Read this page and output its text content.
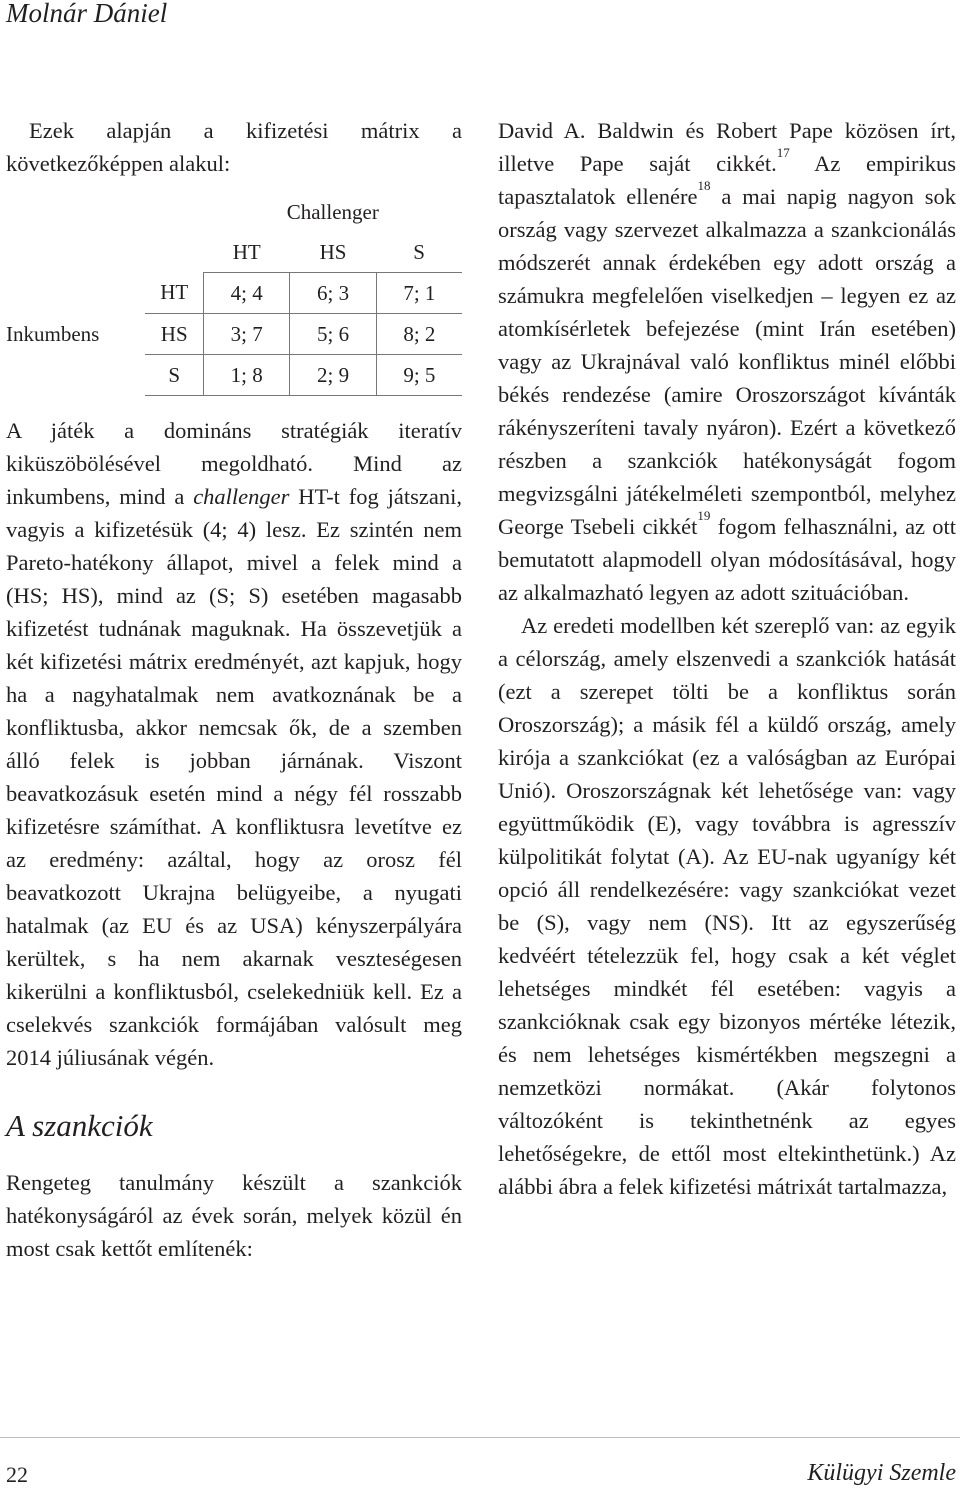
Molnár Dániel

Ezek alapján a kifizetési mátrix a következőképpen alakul:

		Challenger		
		HT	HS	S
	HT	4; 4	6; 3	7; 1
Inkumbens	HS	3; 7	5; 6	8; 2
	S	1; 8	2; 9	9; 5

A játék a domináns stratégiák iteratív kiküszöbölésével megoldható. Mind az inkumbens, mind a challenger HT-t fog játszani, vagyis a kifizetésük (4; 4) lesz. Ez szintén nem Pareto-hatékony állapot, mivel a felek mind a (HS; HS), mind az (S; S) esetében magasabb kifizetést tudnának maguknak. Ha összevetjük a két kifizetési mátrix eredményét, azt kapjuk, hogy ha a nagyhatalmak nem avatkoznának be a konfliktusba, akkor nemcsak ők, de a szemben álló felek is jobban járnának. Viszont beavatkozásuk esetén mind a négy fél rosszabb kifizetésre számíthat. A konfliktusra levetítve ez az eredmény: azáltal, hogy az orosz fél beavatkozott Ukrajna belügyeibe, a nyugati hatalmak (az EU és az USA) kényszerpályára kerültek, s ha nem akarnak veszteségesen kikerülni a konfliktusból, cselekedniük kell. Ez a cselekvés szankciók formájában valósult meg 2014 júliusának végén.

A szankciók

Rengeteg tanulmány készült a szankciók hatékonyságáról az évek során, melyek közül én most csak kettőt említenék:

David A. Baldwin és Robert Pape közösen írt, illetve Pape saját cikkét.$^{17}$ Az empirikus tapasztalatok ellenére$^{18}$ a mai napig nagyon sok ország vagy szervezet alkalmazza a szankcionálás módszerét annak érdekében egy adott ország a számukra megfelelően viselkedjen – legyen ez az atomkísérletek befejezése (mint Irán esetében) vagy az Ukrajnával való konfliktus minél előbbi békés rendezése (amire Oroszországot kívánták rákényszeríteni tavaly nyáron). Ezért a következő részben a szankciók hatékonyságát fogom megvizsgálni játékelméleti szempontból, melyhez George Tsebeli cikkét$^{19}$ fogom felhasználni, az ott bemutatott alapmodell olyan módosításával, hogy az alkalmazható legyen az adott szituációban.

Az eredeti modellben két szereplő van: az egyik a célország, amely elszenvedi a szankciók hatását (ezt a szerepet tölti be a konfliktus során Oroszország); a másik fél a küldő ország, amely kirója a szankciókat (ez a valóságban az Európai Unió). Oroszországnak két lehetősége van: vagy együttműködik (E), vagy továbbra is agresszív külpolitikát folytat (A). Az EU-nak ugyanígy két opció áll rendelkezésére: vagy szankciókat vezet be (S), vagy nem (NS). Itt az egyszerűség kedvéért tételezzük fel, hogy csak a két véglet lehetséges mindkét fél esetében: vagyis a szankcióknak csak egy bizonyos mértéke létezik, és nem lehetséges kismértékben megszegni a nemzetközi normákat. (Akár folytonos változóként is tekinthetnénk az egyes lehetőségekre, de ettől most eltekinthetünk.) Az alábbi ábra a felek kifizetési mátrixát tartalmazza,

22	Külügyi Szemle
